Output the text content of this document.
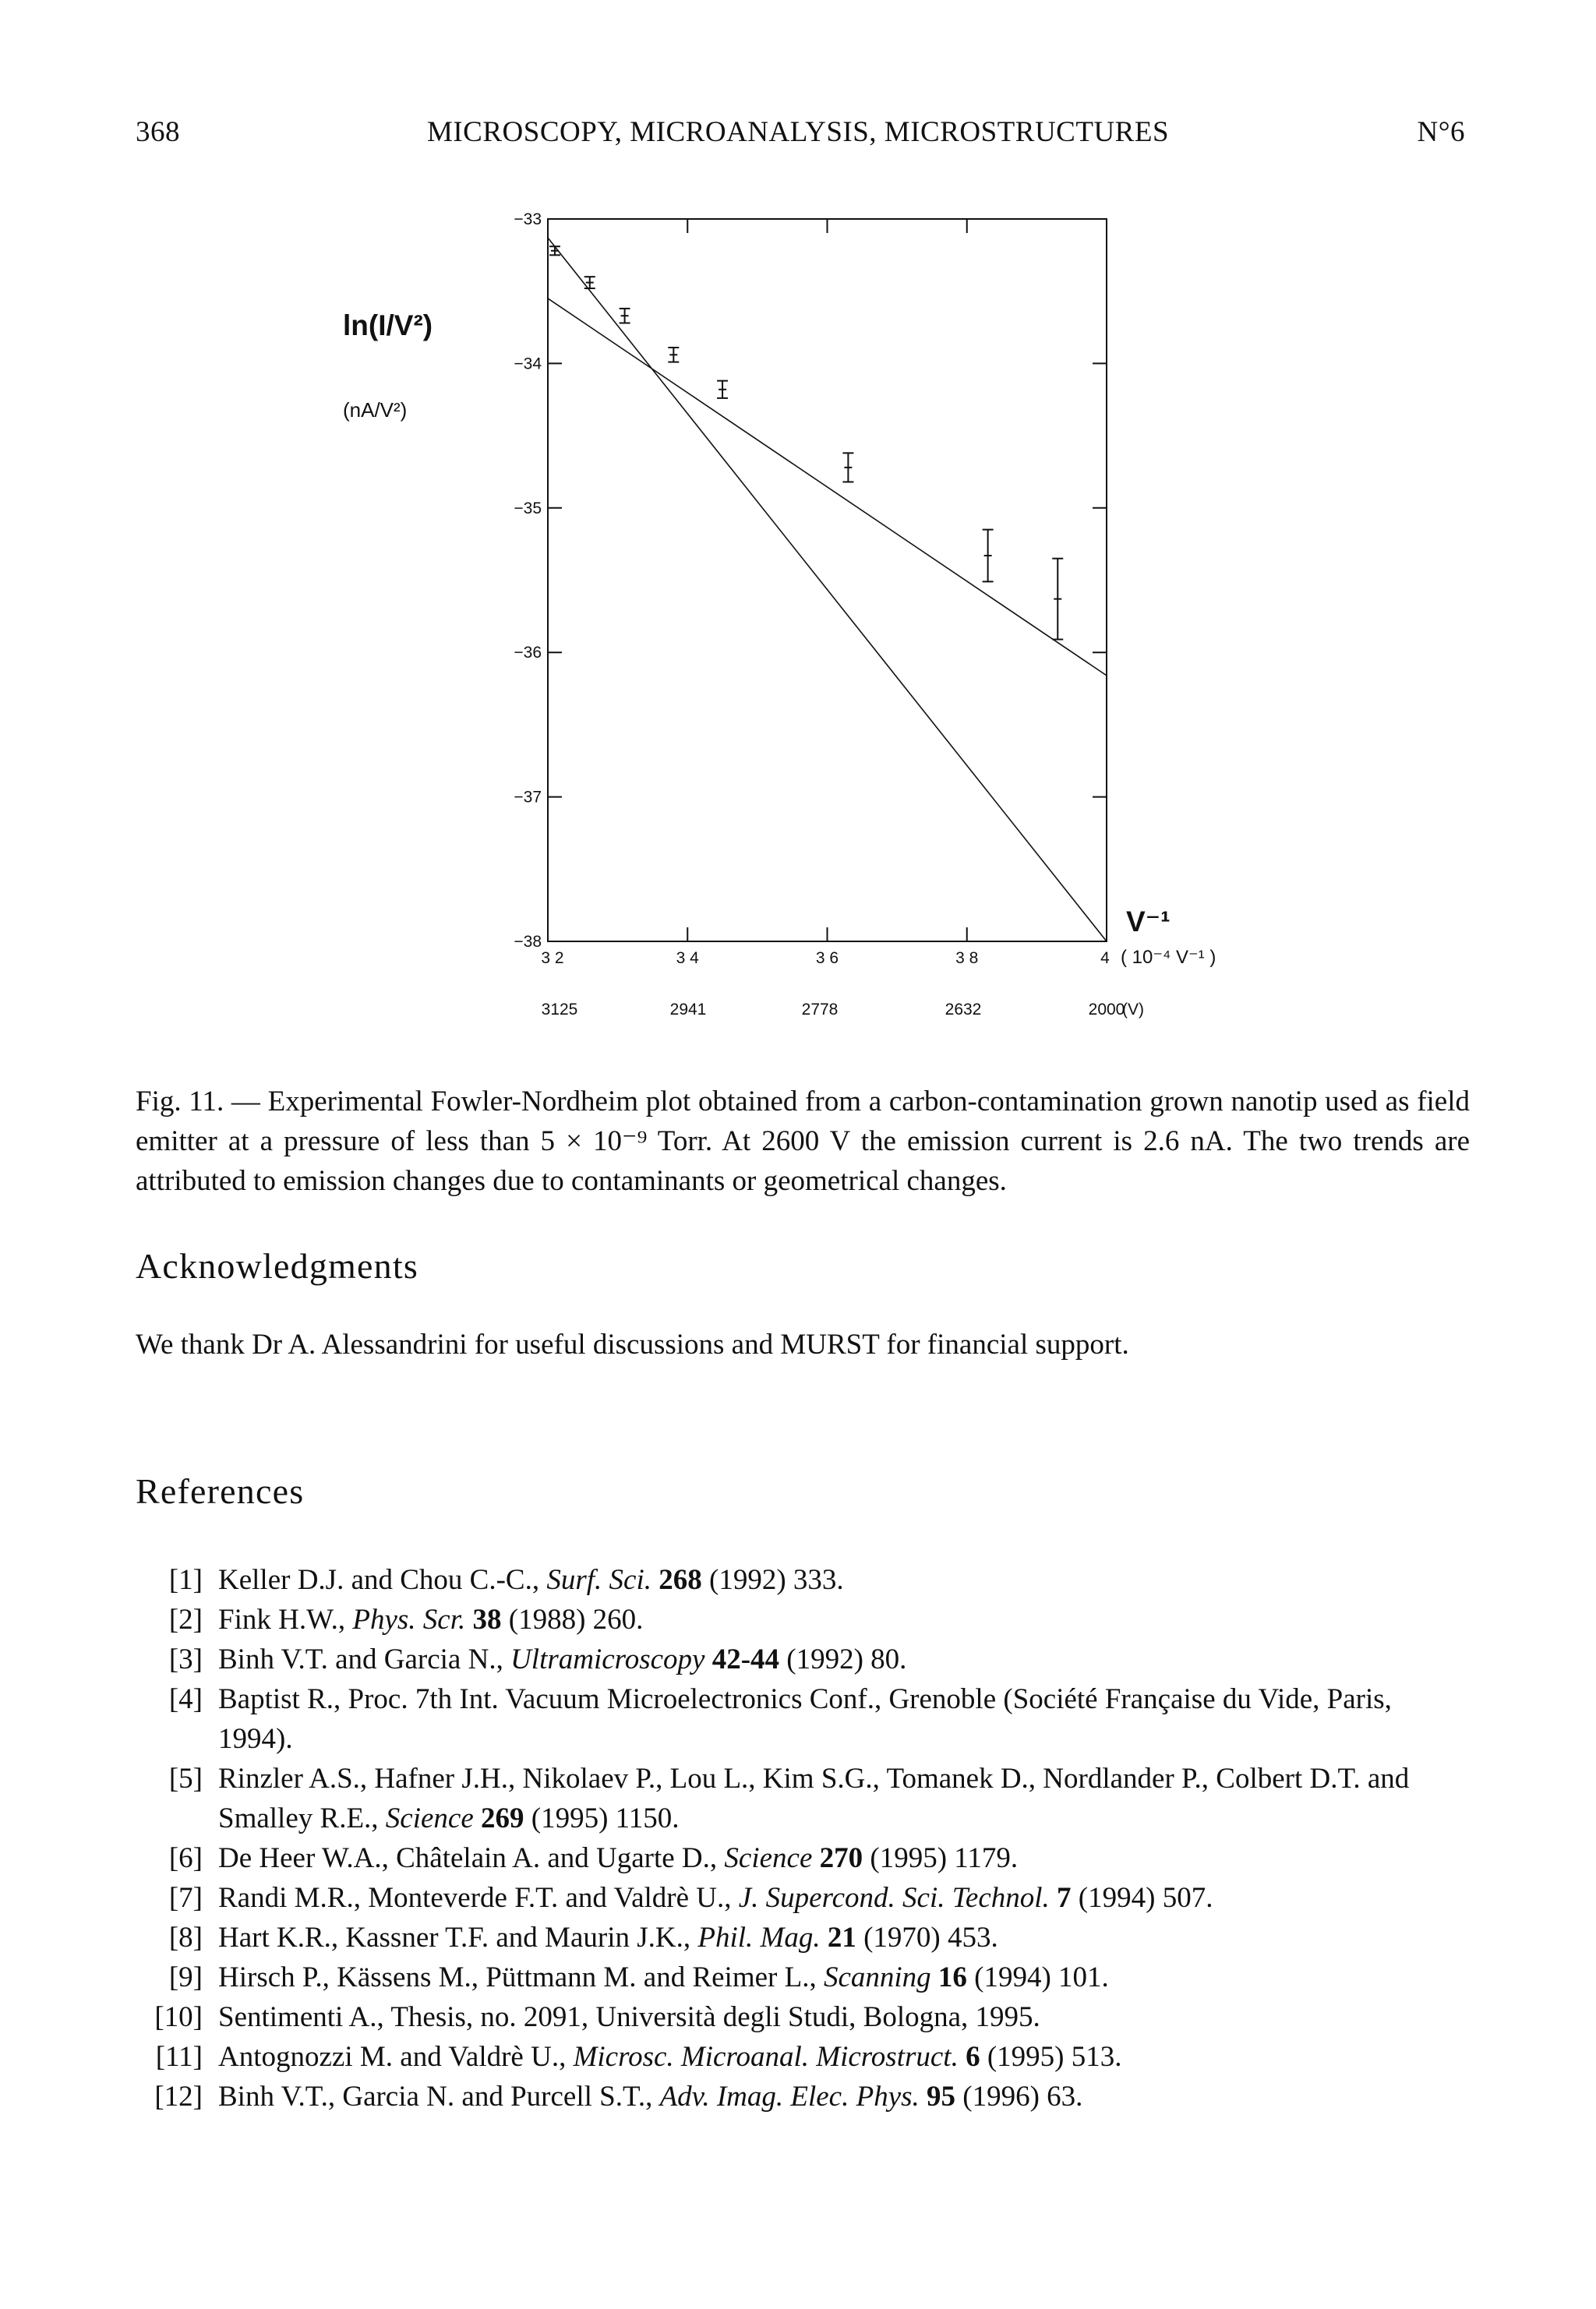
368	MICROSCOPY, MICROANALYSIS, MICROSTRUCTURES	N°6
−38
−37
−36
−35
−34
−33
3 2	3 4	3 6	3 8	4
3125	2941	2778	2632	2000
ln(I/V²)
(nA/V²)
V⁻¹
( 10⁻⁴ V⁻¹ )
(V)
Fig. 11. — Experimental Fowler-Nordheim plot obtained from a carbon-contamination grown nanotip used as field emitter at a pressure of less than 5 × 10⁻⁹ Torr. At 2600 V the emission current is 2.6 nA. The two trends are attributed to emission changes due to contaminants or geometrical changes.
Acknowledgments
We thank Dr A. Alessandrini for useful discussions and MURST for financial support.
References
[1] Keller D.J. and Chou C.-C., Surf. Sci. 268 (1992) 333.
[2] Fink H.W., Phys. Scr. 38 (1988) 260.
[3] Binh V.T. and Garcia N., Ultramicroscopy 42-44 (1992) 80.
[4] Baptist R., Proc. 7th Int. Vacuum Microelectronics Conf., Grenoble (Société Française du Vide, Paris, 1994).
[5] Rinzler A.S., Hafner J.H., Nikolaev P., Lou L., Kim S.G., Tomanek D., Nordlander P., Colbert D.T. and Smalley R.E., Science 269 (1995) 1150.
[6] De Heer W.A., Châtelain A. and Ugarte D., Science 270 (1995) 1179.
[7] Randi M.R., Monteverde F.T. and Valdrè U., J. Supercond. Sci. Technol. 7 (1994) 507.
[8] Hart K.R., Kassner T.F. and Maurin J.K., Phil. Mag. 21 (1970) 453.
[9] Hirsch P., Kässens M., Püttmann M. and Reimer L., Scanning 16 (1994) 101.
[10] Sentimenti A., Thesis, no. 2091, Università degli Studi, Bologna, 1995.
[11] Antognozzi M. and Valdrè U., Microsc. Microanal. Microstruct. 6 (1995) 513.
[12] Binh V.T., Garcia N. and Purcell S.T., Adv. Imag. Elec. Phys. 95 (1996) 63.
